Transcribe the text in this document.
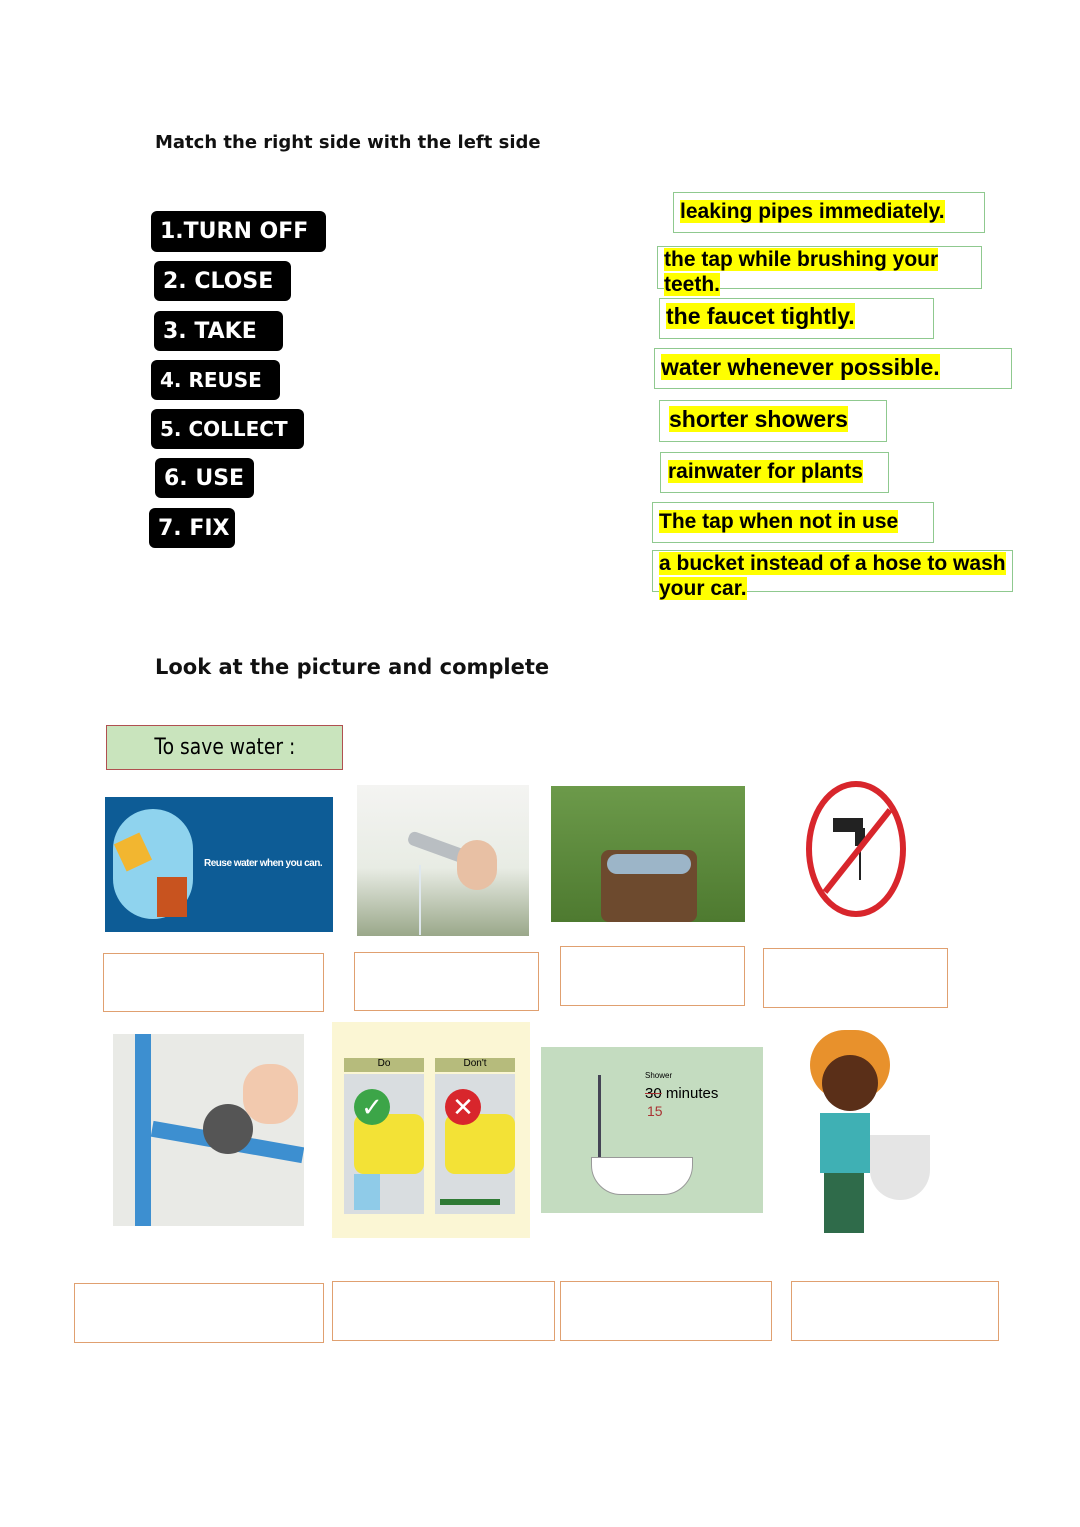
Match the right side with the left side
1.TURN OFF
2. CLOSE
3. TAKE
4. REUSE
5. COLLECT
6. USE
7. FIX
leaking pipes immediately.
the tap while brushing your teeth.
the faucet tightly.
water whenever possible.
shorter showers
rainwater for plants
The tap when not in use
a bucket instead of a hose to wash your car.
Look at the picture and complete
To save water :
Reuse water when you can.
Do	Don't
✓	✕
Shower
30 minutes
15
